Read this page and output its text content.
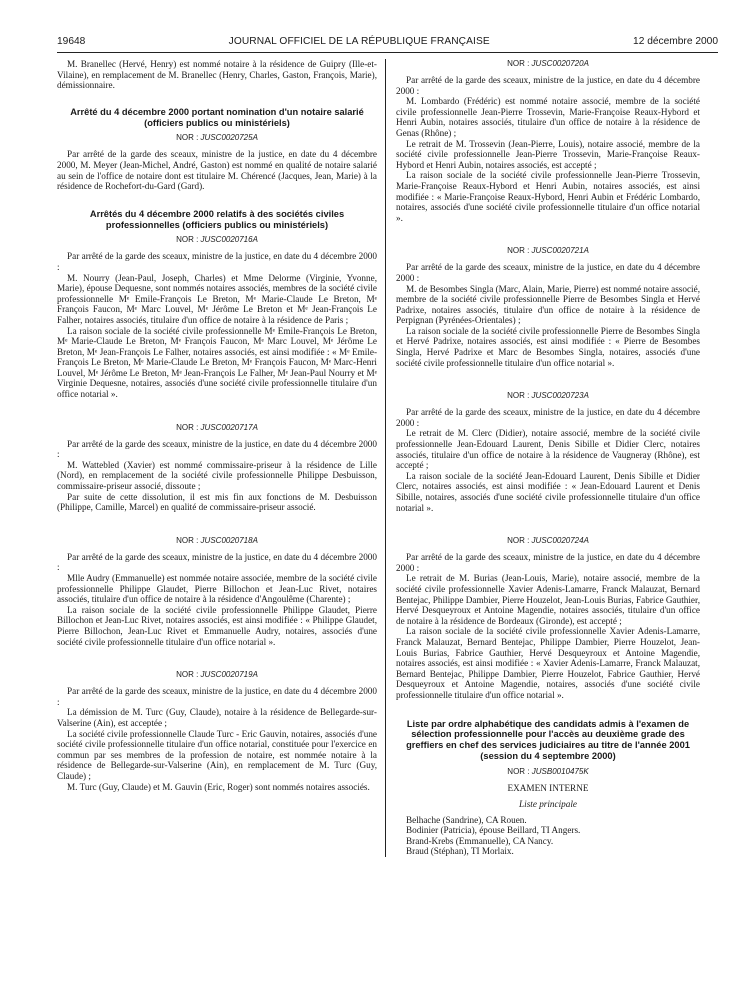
19648	JOURNAL OFFICIEL DE LA RÉPUBLIQUE FRANÇAISE	12 décembre 2000

M. Branellec (Hervé, Henry) est nommé notaire à la résidence de Guipry (Ille-et-Vilaine), en remplacement de M. Branellec (Henry, Charles, Gaston, François, Marie), démissionnaire.

Arrêté du 4 décembre 2000 portant nomination d'un notaire salarié (officiers publics ou ministériels)
NOR : JUSC0020725A

Par arrêté de la garde des sceaux, ministre de la justice, en date du 4 décembre 2000, M. Meyer (Jean-Michel, André, Gaston) est nommé en qualité de notaire salarié au sein de l'office de notaire dont est titulaire M. Chérencé (Jacques, Jean, Marie) à la résidence de Rochefort-du-Gard (Gard).

Arrêtés du 4 décembre 2000 relatifs à des sociétés civiles professionnelles (officiers publics ou ministériels)
NOR : JUSC0020716A

Par arrêté de la garde des sceaux, ministre de la justice, en date du 4 décembre 2000 :

M. Nourry (Jean-Paul, Joseph, Charles) et Mme Delorme (Virginie, Yvonne, Marie), épouse Dequesne, sont nommés notaires associés, membres de la société civile professionnelle Mᵉ Emile-François Le Breton, Mᵉ Marie-Claude Le Breton, Mᵉ François Faucon, Mᵉ Marc Louvel, Mᵉ Jérôme Le Breton et Mᵉ Jean-François Le Falher, notaires associés, titulaire d'un office de notaire à la résidence de Paris ;

La raison sociale de la société civile professionnelle Mᵉ Emile-François Le Breton, Mᵉ Marie-Claude Le Breton, Mᵉ François Faucon, Mᵉ Marc Louvel, Mᵉ Jérôme Le Breton, Mᵉ Jean-François Le Falher, notaires associés, est ainsi modifiée : « Mᵉ Emile-François Le Breton, Mᵉ Marie-Claude Le Breton, Mᵉ François Faucon, Mᵉ Marc-Henri Louvel, Mᵉ Jérôme Le Breton, Mᵉ Jean-François Le Falher, Mᵉ Jean-Paul Nourry et Mᵉ Virginie Dequesne, notaires, associés d'une société civile professionnelle titulaire d'un office notarial ».

NOR : JUSC0020717A

Par arrêté de la garde des sceaux, ministre de la justice, en date du 4 décembre 2000 :

M. Wattebled (Xavier) est nommé commissaire-priseur à la résidence de Lille (Nord), en remplacement de la société civile professionnelle Philippe Desbuisson, commissaire-priseur associé, dissoute ;

Par suite de cette dissolution, il est mis fin aux fonctions de M. Desbuisson (Philippe, Camille, Marcel) en qualité de commissaire-priseur associé.

NOR : JUSC0020718A

Par arrêté de la garde des sceaux, ministre de la justice, en date du 4 décembre 2000 :

Mlle Audry (Emmanuelle) est nommée notaire associée, membre de la société civile professionnelle Philippe Glaudet, Pierre Billochon et Jean-Luc Rivet, notaires associés, titulaire d'un office de notaire à la résidence d'Angoulême (Charente) ;

La raison sociale de la société civile professionnelle Philippe Glaudet, Pierre Billochon et Jean-Luc Rivet, notaires associés, est ainsi modifiée : « Philippe Glaudet, Pierre Billochon, Jean-Luc Rivet et Emmanuelle Audry, notaires, associés d'une société civile professionnelle titulaire d'un office notarial ».

NOR : JUSC0020719A

Par arrêté de la garde des sceaux, ministre de la justice, en date du 4 décembre 2000 :

La démission de M. Turc (Guy, Claude), notaire à la résidence de Bellegarde-sur-Valserine (Ain), est acceptée ;

La société civile professionnelle Claude Turc - Eric Gauvin, notaires, associés d'une société civile professionnelle titulaire d'un office notarial, constituée pour l'exercice en commun par ses membres de la profession de notaire, est nommée notaire à la résidence de Bellegarde-sur-Valserine (Ain), en remplacement de M. Turc (Guy, Claude) ;

M. Turc (Guy, Claude) et M. Gauvin (Eric, Roger) sont nommés notaires associés.

NOR : JUSC0020720A

Par arrêté de la garde des sceaux, ministre de la justice, en date du 4 décembre 2000 :

M. Lombardo (Frédéric) est nommé notaire associé, membre de la société civile professionnelle Jean-Pierre Trossevin, Marie-Françoise Reaux-Hybord et Henri Aubin, notaires associés, titulaire d'un office de notaire à la résidence de Genas (Rhône) ;

Le retrait de M. Trossevin (Jean-Pierre, Louis), notaire associé, membre de la société civile professionnelle Jean-Pierre Trossevin, Marie-Françoise Reaux-Hybord et Henri Aubin, notaires associés, est accepté ;

La raison sociale de la société civile professionnelle Jean-Pierre Trossevin, Marie-Françoise Reaux-Hybord et Henri Aubin, notaires associés, est ainsi modifiée : « Marie-Françoise Reaux-Hybord, Henri Aubin et Frédéric Lombardo, notaires, associés d'une société civile professionnelle titulaire d'un office notarial ».

NOR : JUSC0020721A

Par arrêté de la garde des sceaux, ministre de la justice, en date du 4 décembre 2000 :

M. de Besombes Singla (Marc, Alain, Marie, Pierre) est nommé notaire associé, membre de la société civile professionnelle Pierre de Besombes Singla et Hervé Padrixe, notaires associés, titulaire d'un office de notaire à la résidence de Perpignan (Pyrénées-Orientales) ;

La raison sociale de la société civile professionnelle Pierre de Besombes Singla et Hervé Padrixe, notaires associés, est ainsi modifiée : « Pierre de Besombes Singla, Hervé Padrixe et Marc de Besombes Singla, notaires, associés d'une société civile professionnelle titulaire d'un office notarial ».

NOR : JUSC0020723A

Par arrêté de la garde des sceaux, ministre de la justice, en date du 4 décembre 2000 :

Le retrait de M. Clerc (Didier), notaire associé, membre de la société civile professionnelle Jean-Edouard Laurent, Denis Sibille et Didier Clerc, notaires associés, titulaire d'un office de notaire à la résidence de Vaugneray (Rhône), est accepté ;

La raison sociale de la société Jean-Edouard Laurent, Denis Sibille et Didier Clerc, notaires associés, est ainsi modifiée : « Jean-Edouard Laurent et Denis Sibille, notaires, associés d'une société civile professionnelle titulaire d'un office notarial ».

NOR : JUSC0020724A

Par arrêté de la garde des sceaux, ministre de la justice, en date du 4 décembre 2000 :

Le retrait de M. Burias (Jean-Louis, Marie), notaire associé, membre de la société civile professionnelle Xavier Adenis-Lamarre, Franck Malauzat, Bernard Bentejac, Philippe Dambier, Pierre Houzelot, Jean-Louis Burias, Fabrice Gauthier, Hervé Desqueyroux et Antoine Magendie, notaires associés, titulaire d'un office de notaire à la résidence de Bordeaux (Gironde), est accepté ;

La raison sociale de la société civile professionnelle Xavier Adenis-Lamarre, Franck Malauzat, Bernard Bentejac, Philippe Dambier, Pierre Houzelot, Jean-Louis Burias, Fabrice Gauthier, Hervé Desqueyroux et Antoine Magendie, notaires associés, est ainsi modifiée : « Xavier Adenis-Lamarre, Franck Malauzat, Bernard Bentejac, Philippe Dambier, Pierre Houzelot, Fabrice Gauthier, Hervé Desqueyroux et Antoine Magendie, notaires, associés d'une société civile professionnelle titulaire d'un office notarial ».

Liste par ordre alphabétique des candidats admis à l'examen de sélection professionnelle pour l'accès au deuxième grade des greffiers en chef des services judiciaires au titre de l'année 2001 (session du 4 septembre 2000)
NOR : JUSB0010475K
EXAMEN INTERNE
Liste principale

Belhache (Sandrine), CA Rouen.

Bodinier (Patricia), épouse Beillard, TI Angers.

Brand-Krebs (Emmanuelle), CA Nancy.

Braud (Stéphan), TI Morlaix.
